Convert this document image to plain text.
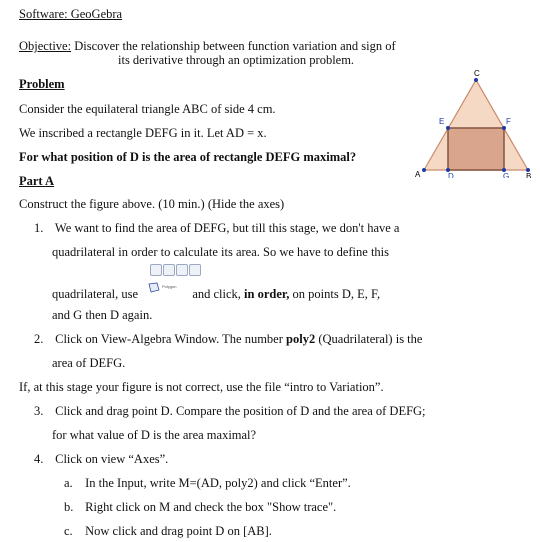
Software: GeoGebra
Objective: Discover the relationship between function variation and sign of
its derivative through an optimization problem.
Problem
Consider the equilateral triangle ABC of side 4 cm.
We inscribed a rectangle DEFG in it. Let AD = x.
For what position of D is the area of rectangle DEFG maximal?
Part A
Construct the figure above. (10 min.) (Hide the axes)
1. We want to find the area of DEFG, but till this stage, we don't have a
quadrilateral in order to calculate its area. So we have to define this
quadrilateral, use
Polygon
and click, in order, on points D, E, F,
and G then D again.
2. Click on View-Algebra Window. The number poly2 (Quadrilateral) is the
area of DEFG.
If, at this stage your figure is not correct, use the file “intro to Variation”.
3. Click and drag point D. Compare the position of D and the area of DEFG;
for what value of D is the area maximal?
4. Click on view “Axes”.
a. In the Input, write M=(AD, poly2) and click “Enter”.
b. Right click on M and check the box "Show trace".
c. Now click and drag point D on [AB].
C
A	B
D
E	F
G
